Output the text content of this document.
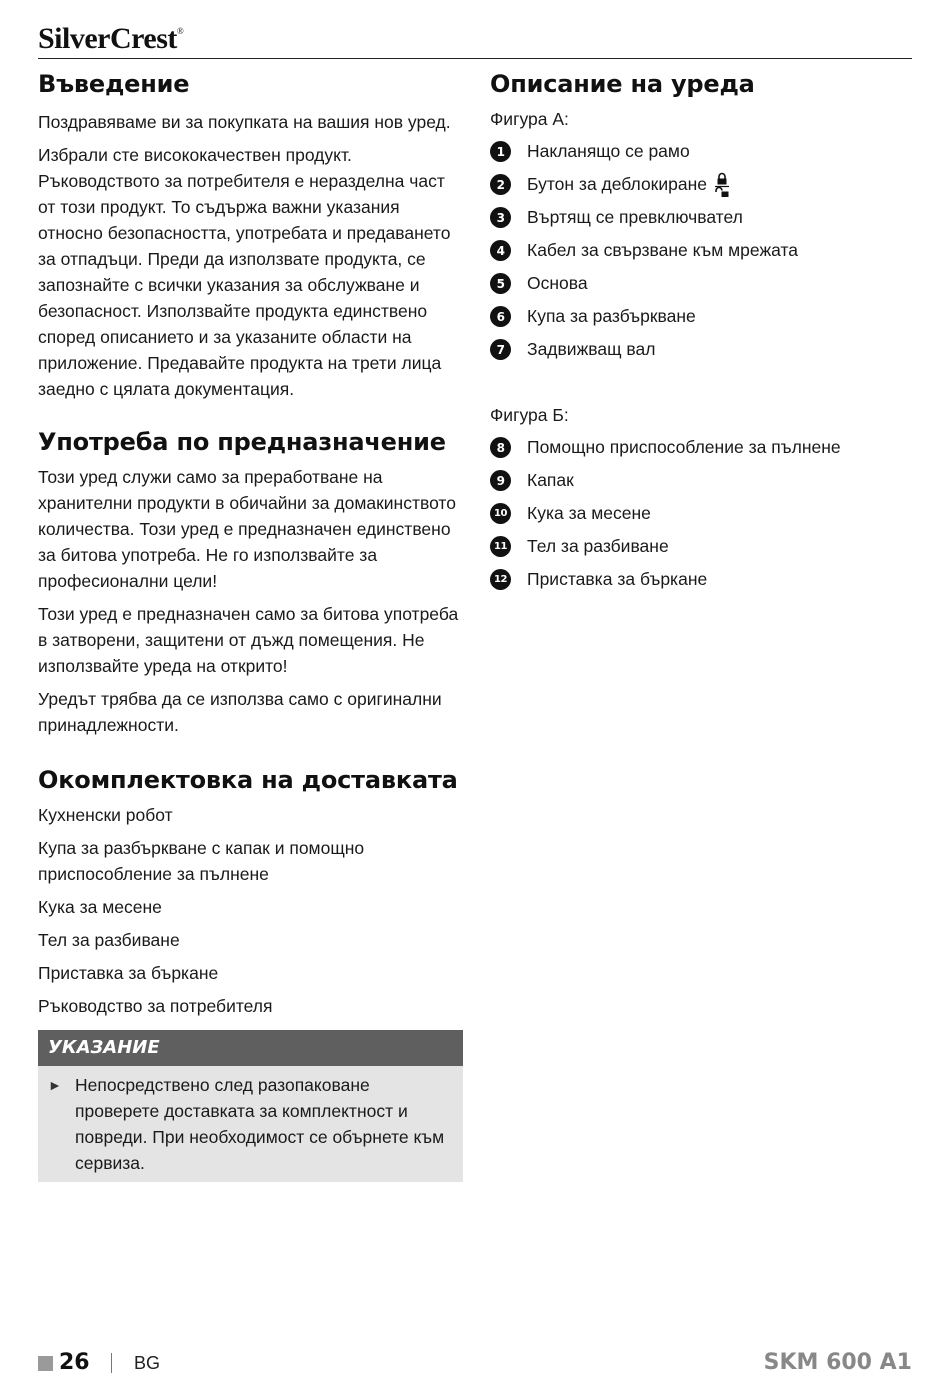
SilverCrest®
Въведение

Поздравяваме ви за покупката на вашия нов уред.

Избрали сте висококачествен продукт. Ръководството за потребителя е неразделна част от този продукт. То съдържа важни указания относно безопасността, употребата и предаването за отпадъци. Преди да използвате продукта, се запознайте с всички указания за обслужване и безопасност. Използвайте продукта единствено според описанието и за указаните области на приложение. Предавайте продукта на трети лица заедно с цялата документация.

Употреба по предназначение

Този уред служи само за преработване на хранителни продукти в обичайни за домакинството количества. Този уред е предназначен единствено за битова употреба. Не го използвайте за професионални цели!

Този уред е предназначен само за битова употреба в затворени, защитени от дъжд помещения. Не използвайте уреда на открито!

Уредът трябва да се използва само с оригинални принадлежности.

Окомплектовка на доставката

Кухненски робот

Купа за разбъркване с капак и помощно приспособление за пълнене

Кука за месене

Тел за разбиване

Приставка за бъркане

Ръководство за потребителя

УКАЗАНИЕ
► Непосредствено след разопаковане проверете доставката за комплектност и повреди. При необходимост се обърнете към сервиза.

Описание на уреда

Фигура А:

1	Накланящо се рамо
2	Бутон за деблокиране
3	Въртящ се превключвател
4	Кабел за свързване към мрежата
5	Основа
6	Купа за разбъркване
7	Задвижващ вал

Фигура Б:

8	Помощно приспособление за пълнене
9	Капак
10 Кука за месене
11 Тел за разбиване
12 Приставка за бъркане
26 BG	SKM 600 A1
